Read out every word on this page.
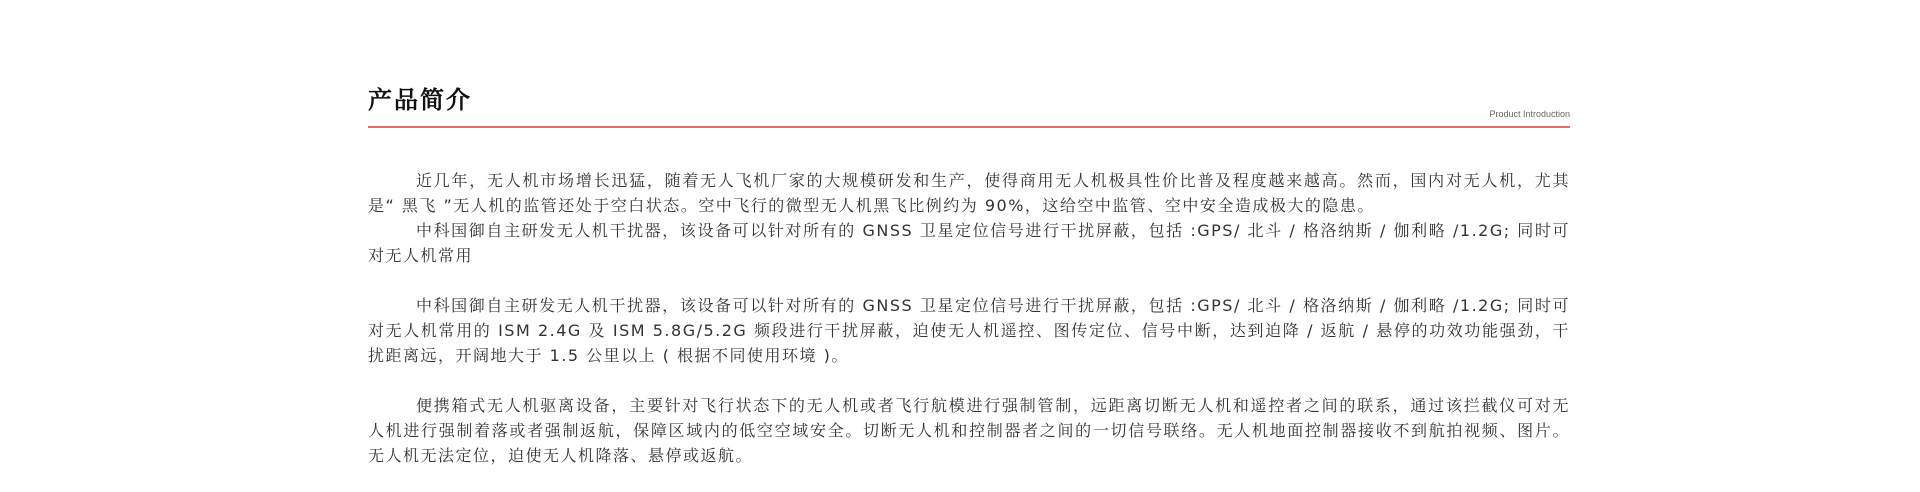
产品简介	Product Introduction

近几年，无人机市场增长迅猛，随着无人飞机厂家的大规模研发和生产，使得商用无人机极具性价比普及程度越来越高。然而，国内对无人机，尤其是“ 黑飞 ”无人机的监管还处于空白状态。空中飞行的微型无人机黑飞比例约为 90%，这给空中监管、空中安全造成极大的隐患。

中科国御自主研发无人机干扰器，该设备可以针对所有的 GNSS 卫星定位信号进行干扰屏蔽，包括 :GPS/ 北斗 / 格洛纳斯 / 伽利略 /1.2G; 同时可对无人机常用

中科国御自主研发无人机干扰器，该设备可以针对所有的 GNSS 卫星定位信号进行干扰屏蔽，包括 :GPS/ 北斗 / 格洛纳斯 / 伽利略 /1.2G; 同时可对无人机常用的 ISM 2.4G 及 ISM 5.8G/5.2G 频段进行干扰屏蔽，迫使无人机遥控、图传定位、信号中断，达到迫降 / 返航 / 悬停的功效功能强劲，干扰距离远，开阔地大于 1.5 公里以上 ( 根据不同使用环境 )。

便携箱式无人机驱离设备，主要针对飞行状态下的无人机或者飞行航模进行强制管制，远距离切断无人机和遥控者之间的联系，通过该拦截仪可对无人机进行强制着落或者强制返航，保障区域内的低空空域安全。切断无人机和控制器者之间的一切信号联络。无人机地面控制器接收不到航拍视频、图片。无人机无法定位，迫使无人机降落、悬停或返航。
